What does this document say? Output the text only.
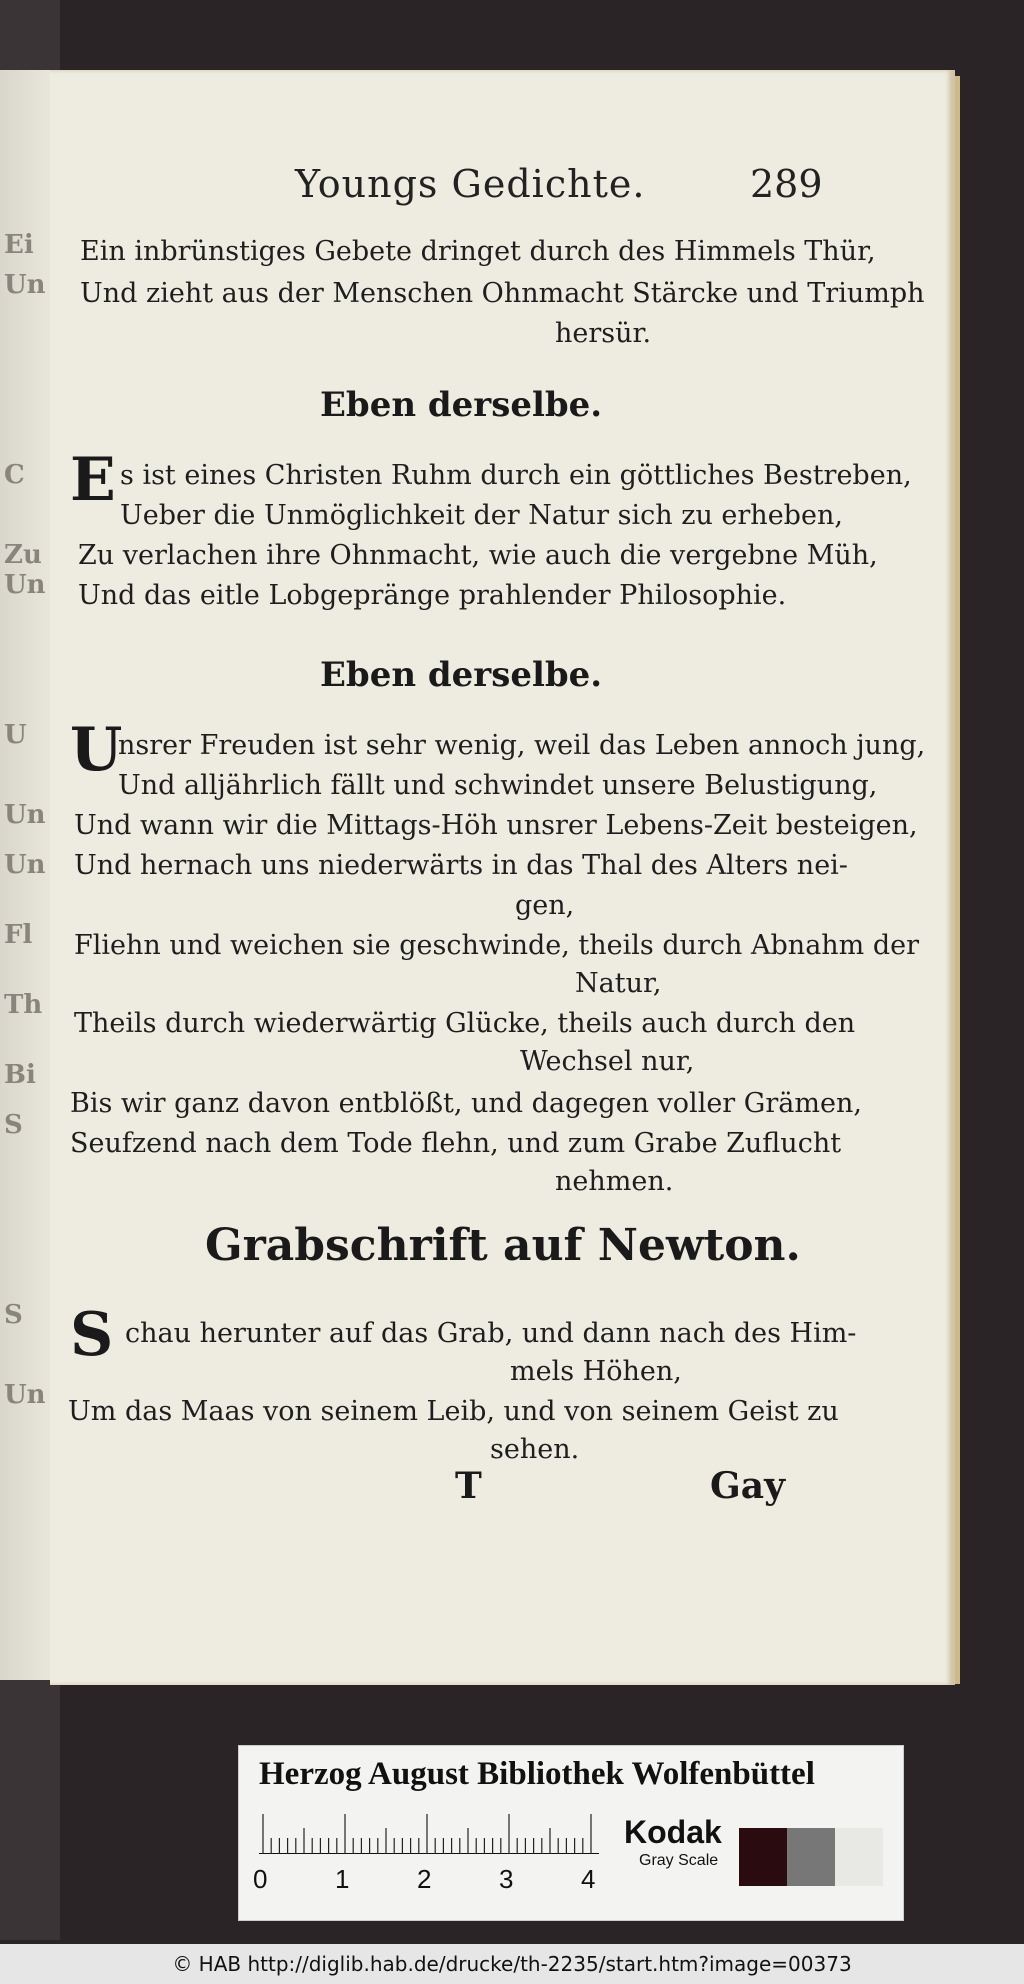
Ei
Un
C
Zu
Un
U
Un
Un
Fl
Th
Bi
S
S
Un
Youngs Gedichte.	289
Ein inbrünstiges Gebete dringet durch des Himmels Thür,
Und zieht aus der Menschen Ohnmacht Stärcke und Triumph
hersür.
Eben derselbe.
E s ist eines Christen Ruhm durch ein göttliches Bestreben,
Ueber die Unmöglichkeit der Natur sich zu erheben,
Zu verlachen ihre Ohnmacht, wie auch die vergebne Müh,
Und das eitle Lobgepränge prahlender Philosophie.
Eben derselbe.
U
nsrer Freuden ist sehr wenig, weil das Leben annoch jung,
Und alljährlich fällt und schwindet unsere Belustigung,
Und wann wir die Mittags-Höh unsrer Lebens-Zeit besteigen,
Und hernach uns niederwärts in das Thal des Alters nei-
gen,
Fliehn und weichen sie geschwinde, theils durch Abnahm der
Natur,
Theils durch wiederwärtig Glücke, theils auch durch den
Wechsel nur,
Bis wir ganz davon entblößt, und dagegen voller Grämen,
Seufzend nach dem Tode flehn, und zum Grabe Zuflucht
nehmen.
Grabschrift auf Newton.
S chau herunter auf das Grab, und dann nach des Him-
mels Höhen,
Um das Maas von seinem Leib, und von seinem Geist zu
sehen.
T	Gay
Herzog August Bibliothek Wolfenbüttel
0	1	2	3	4
Kodak
Gray Scale
© HAB http://diglib.hab.de/drucke/th-2235/start.htm?image=00373
